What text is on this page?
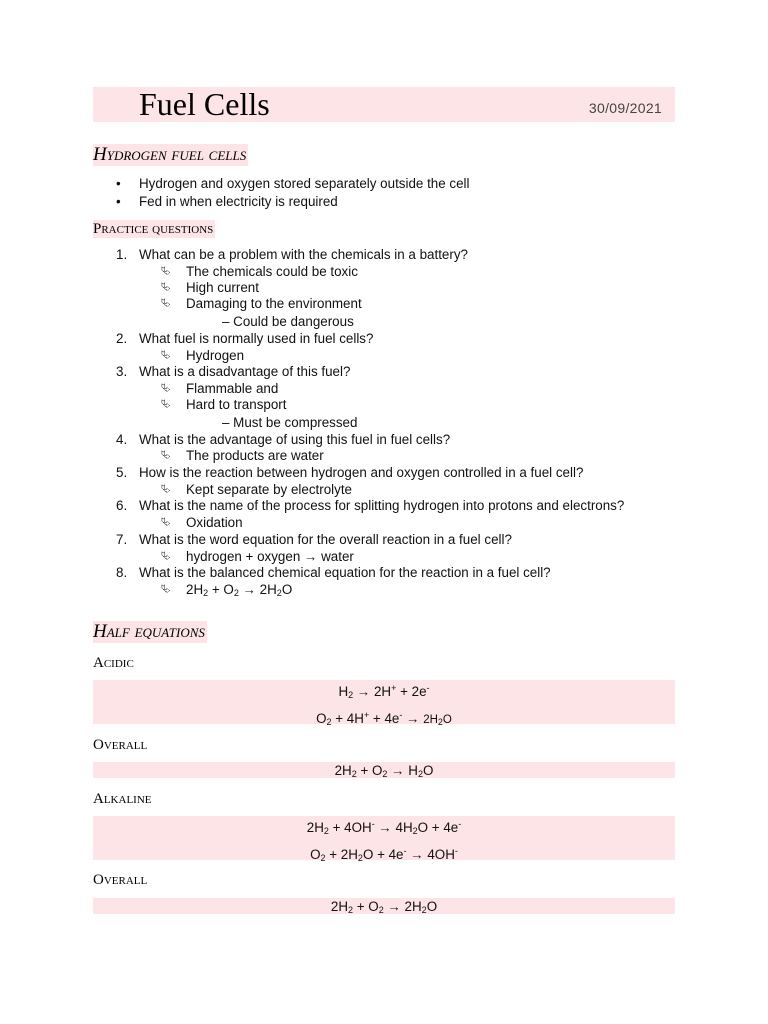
Fuel Cells	30/09/2021
Hydrogen fuel cells
• Hydrogen and oxygen stored separately outside the cell
• Fed in when electricity is required
Practice questions
1. What can be a problem with the chemicals in a battery?
⮱ The chemicals could be toxic
⮱ High current
⮱ Damaging to the environment
– Could be dangerous
2. What fuel is normally used in fuel cells?
⮱ Hydrogen
3. What is a disadvantage of this fuel?
⮱ Flammable and
⮱ Hard to transport
– Must be compressed
4. What is the advantage of using this fuel in fuel cells?
⮱ The products are water
5. How is the reaction between hydrogen and oxygen controlled in a fuel cell?
⮱ Kept separate by electrolyte
6. What is the name of the process for splitting hydrogen into protons and electrons?
⮱ Oxidation
7. What is the word equation for the overall reaction in a fuel cell?
⮱ hydrogen + oxygen → water
8. What is the balanced chemical equation for the reaction in a fuel cell?
⮱ $2H_2 + O_2 \to 2H_2O$
Half equations
Acidic
$H_2 \to 2H^+ + 2e^-$
$O_2 + 4H^+ + 4e^- \to 2H_2O$
Overall
$2H_2 + O_2 \to H_2O$
Alkaline
$2H_2 + 4OH^- \to 4H_2O + 4e^-$
$O_2 + 2H_2O + 4e^- \to 4OH^-$
Overall
$2H_2 + O_2 \to 2H_2O$
